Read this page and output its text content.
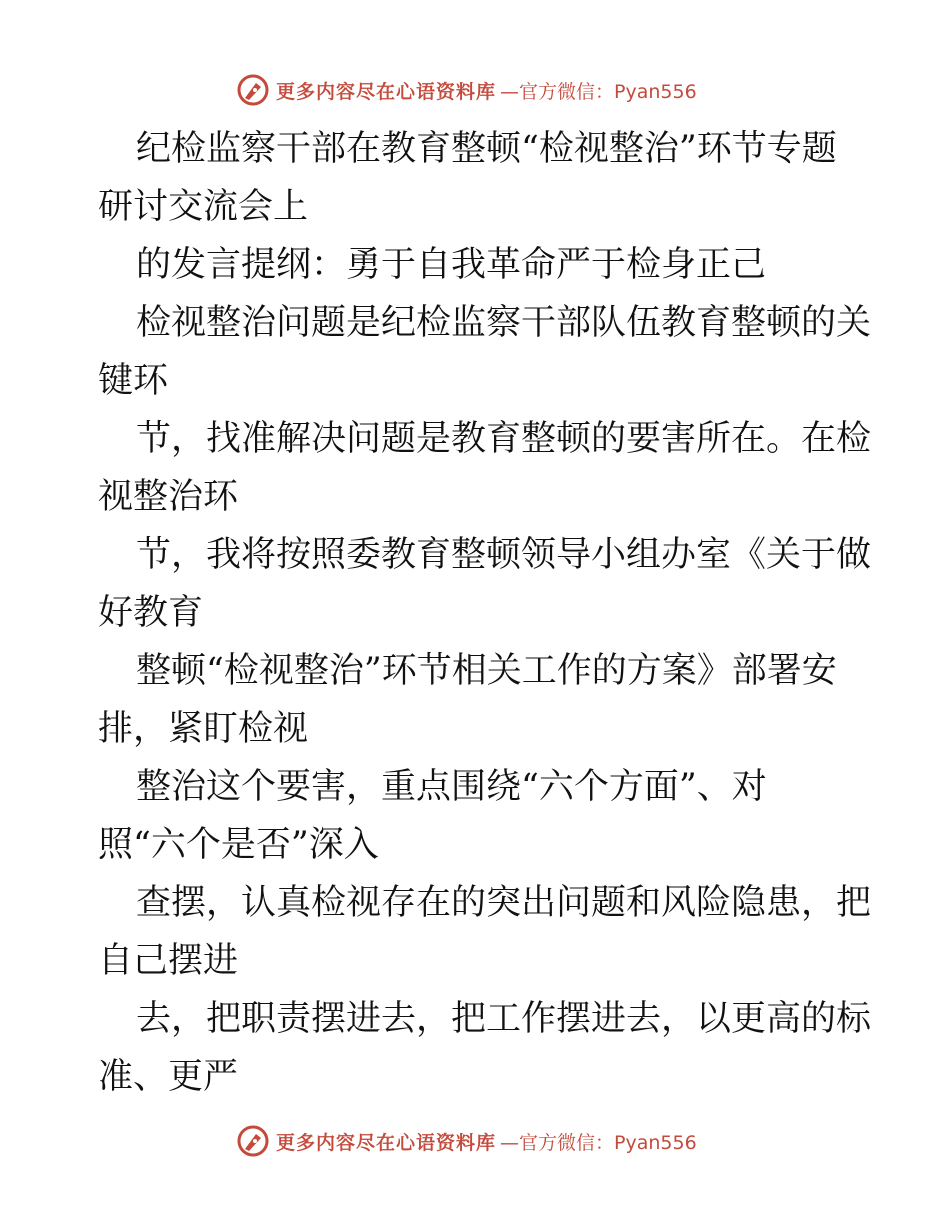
更多内容尽在心语资料库 —官方微信：Pyan556
纪检监察干部在教育整顿“检视整治”环节专题
研讨交流会上
的发言提纲：勇于自我革命严于检身正己
检视整治问题是纪检监察干部队伍教育整顿的关
键环
节，找准解决问题是教育整顿的要害所在。在检
视整治环
节，我将按照委教育整顿领导小组办室《关于做
好教育
整顿“检视整治”环节相关工作的方案》部署安
排，紧盯检视
整治这个要害，重点围绕“六个方面”、对
照“六个是否”深入
查摆，认真检视存在的突出问题和风险隐患，把
自己摆进
去，把职责摆进去，把工作摆进去，以更高的标
准、更严
更多内容尽在心语资料库 —官方微信：Pyan556
